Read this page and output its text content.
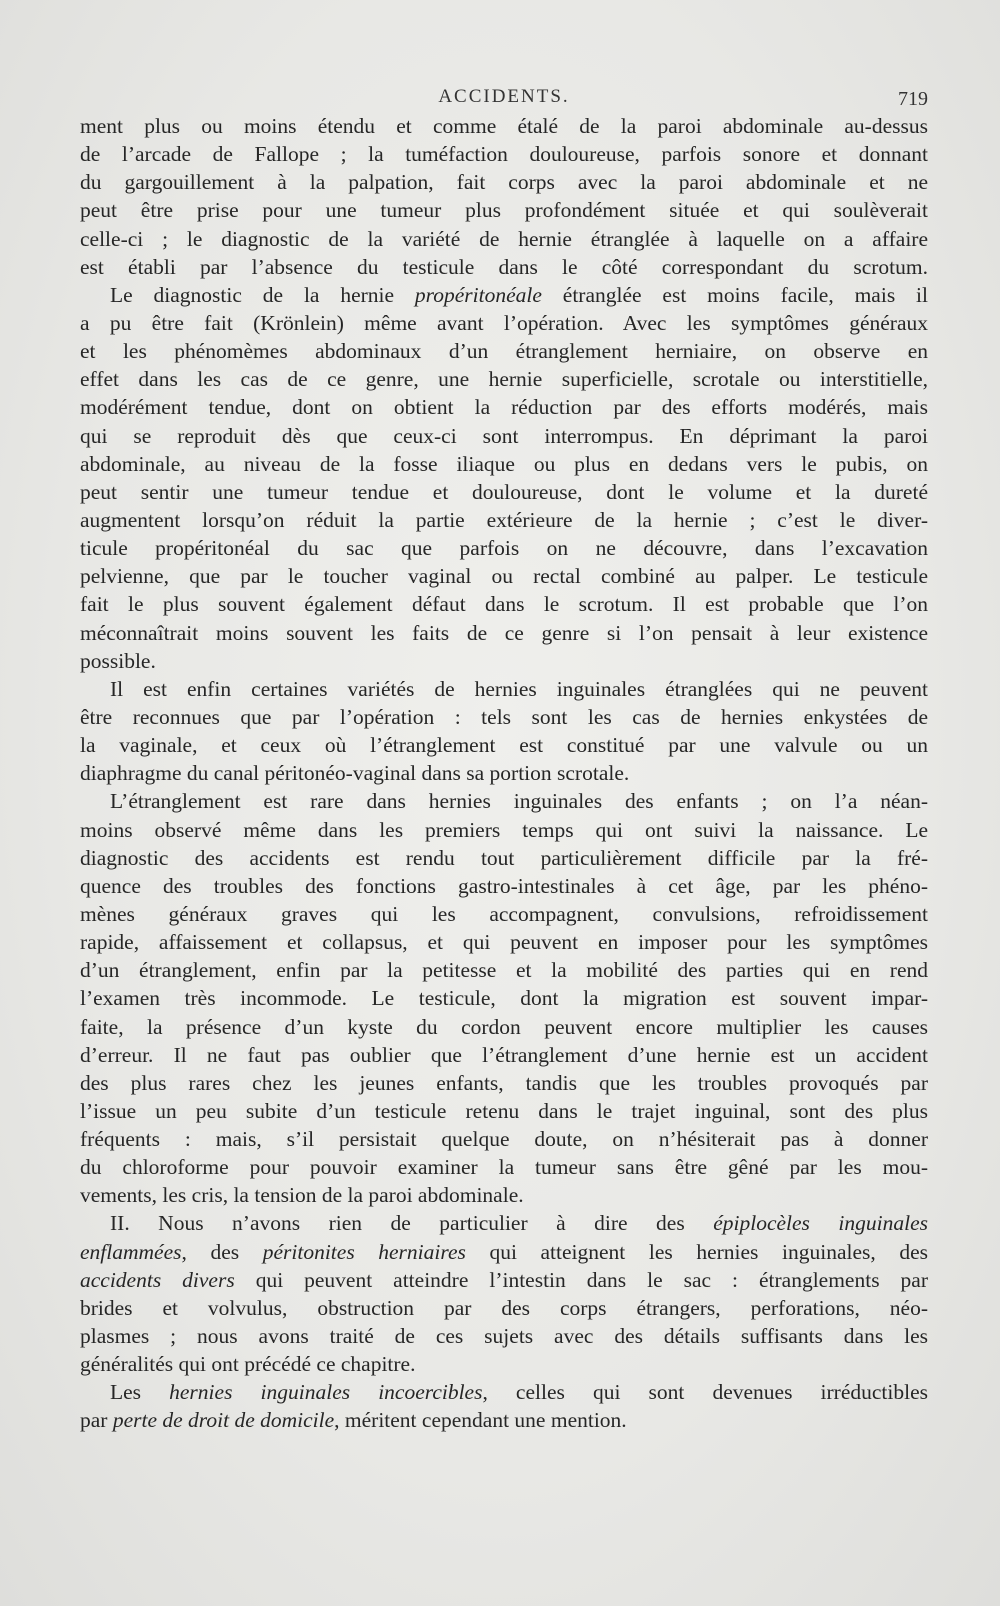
ACCIDENTS.	719
ment plus ou moins étendu et comme étalé de la paroi abdominale au-dessus
de l’arcade de Fallope ; la tuméfaction douloureuse, parfois sonore et donnant
du gargouillement à la palpation, fait corps avec la paroi abdominale et ne
peut être prise pour une tumeur plus profondément située et qui soulèverait
celle-ci ; le diagnostic de la variété de hernie étranglée à laquelle on a affaire
est établi par l’absence du testicule dans le côté correspondant du scrotum.
Le diagnostic de la hernie propéritonéale étranglée est moins facile, mais il
a pu être fait (Krönlein) même avant l’opération. Avec les symptômes généraux
et les phénomèmes abdominaux d’un étranglement herniaire, on observe en
effet dans les cas de ce genre, une hernie superficielle, scrotale ou interstitielle,
modérément tendue, dont on obtient la réduction par des efforts modérés, mais
qui se reproduit dès que ceux-ci sont interrompus. En déprimant la paroi
abdominale, au niveau de la fosse iliaque ou plus en dedans vers le pubis, on
peut sentir une tumeur tendue et douloureuse, dont le volume et la dureté
augmentent lorsqu’on réduit la partie extérieure de la hernie ; c’est le diver-
ticule propéritonéal du sac que parfois on ne découvre, dans l’excavation
pelvienne, que par le toucher vaginal ou rectal combiné au palper. Le testicule
fait le plus souvent également défaut dans le scrotum. Il est probable que l’on
méconnaîtrait moins souvent les faits de ce genre si l’on pensait à leur existence
possible.
Il est enfin certaines variétés de hernies inguinales étranglées qui ne peuvent
être reconnues que par l’opération : tels sont les cas de hernies enkystées de
la vaginale, et ceux où l’étranglement est constitué par une valvule ou un
diaphragme du canal péritonéo-vaginal dans sa portion scrotale.
L’étranglement est rare dans hernies inguinales des enfants ; on l’a néan-
moins observé même dans les premiers temps qui ont suivi la naissance. Le
diagnostic des accidents est rendu tout particulièrement difficile par la fré-
quence des troubles des fonctions gastro-intestinales à cet âge, par les phéno-
mènes généraux graves qui les accompagnent, convulsions, refroidissement
rapide, affaissement et collapsus, et qui peuvent en imposer pour les symptômes
d’un étranglement, enfin par la petitesse et la mobilité des parties qui en rend
l’examen très incommode. Le testicule, dont la migration est souvent impar-
faite, la présence d’un kyste du cordon peuvent encore multiplier les causes
d’erreur. Il ne faut pas oublier que l’étranglement d’une hernie est un accident
des plus rares chez les jeunes enfants, tandis que les troubles provoqués par
l’issue un peu subite d’un testicule retenu dans le trajet inguinal, sont des plus
fréquents : mais, s’il persistait quelque doute, on n’hésiterait pas à donner
du chloroforme pour pouvoir examiner la tumeur sans être gêné par les mou-
vements, les cris, la tension de la paroi abdominale.
II. Nous n’avons rien de particulier à dire des épiplocèles inguinales
enflammées, des péritonites herniaires qui atteignent les hernies inguinales, des
accidents divers qui peuvent atteindre l’intestin dans le sac : étranglements par
brides et volvulus, obstruction par des corps étrangers, perforations, néo-
plasmes ; nous avons traité de ces sujets avec des détails suffisants dans les
généralités qui ont précédé ce chapitre.
Les hernies inguinales incoercibles, celles qui sont devenues irréductibles
par perte de droit de domicile, méritent cependant une mention.
